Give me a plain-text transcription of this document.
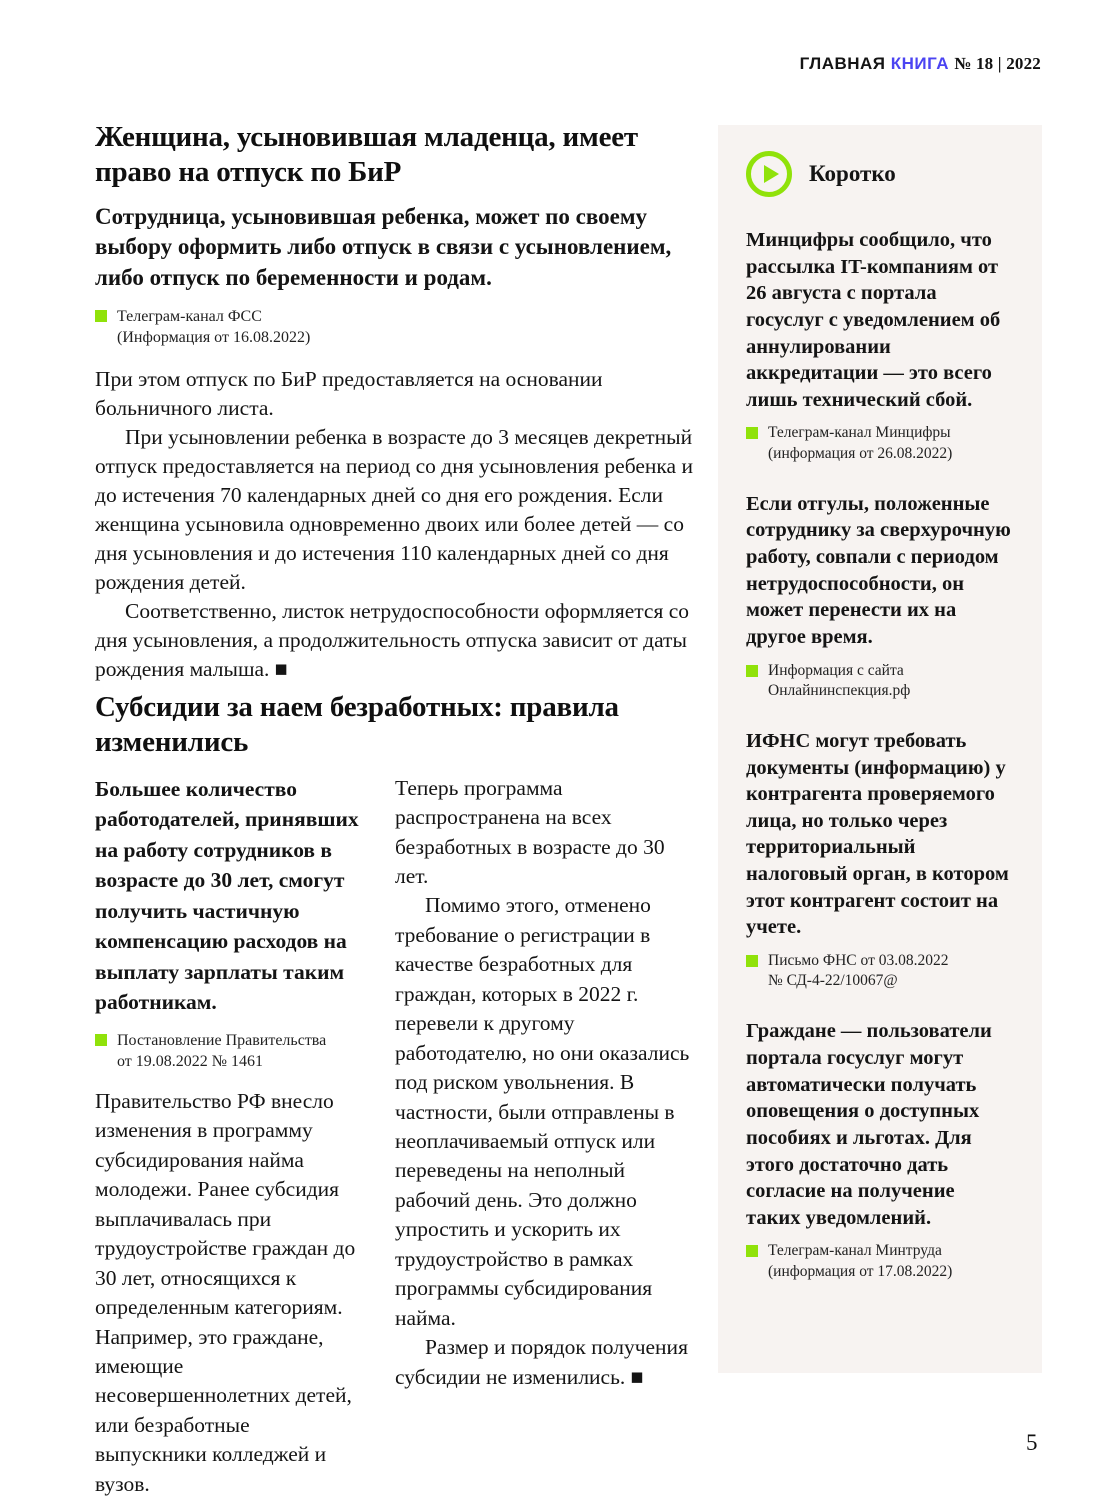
ГЛАВНАЯ КНИГА № 18 | 2022
Женщина, усыновившая младенца, имеет право на отпуск по БиР
Сотрудница, усыновившая ребенка, может по своему выбору оформить либо отпуск в связи с усыновлением, либо отпуск по беременности и родам.
Телеграм-канал ФСС
(Информация от 16.08.2022)

При этом отпуск по БиР предоставляется на основании больничного листа.

При усыновлении ребенка в возрасте до 3 месяцев декретный отпуск предоставляется на период со дня усыновления ребенка и до истечения 70 календарных дней со дня его рождения. Если женщина усыновила одновременно двоих или более детей — со дня усыновления и до истечения 110 календарных дней со дня рождения детей.

Соответственно, листок нетрудоспособности оформляется со дня усыновления, а продолжительность отпуска зависит от даты рождения малыша. ■

Субсидии за наем безработных: правила изменились
Большее количество работодателей, принявших на работу сотрудников в возрасте до 30 лет, смогут получить частичную компенсацию расходов на выплату зарплаты таким работникам.
Постановление Правительства
от 19.08.2022 № 1461

Правительство РФ внесло изменения в программу субсидирования найма молодежи. Ранее субсидия выплачивалась при трудоустройстве граждан до 30 лет, относящихся к определенным категориям. Например, это граждане, имеющие несовершеннолетних детей, или безработные выпускники колледжей и вузов.

Теперь программа распространена на всех безработных в возрасте до 30 лет.

Помимо этого, отменено требование о регистрации в качестве безработных для граждан, которых в 2022 г. перевели к другому работодателю, но они оказались под риском увольнения. В частности, были отправлены в неоплачиваемый отпуск или переведены на неполный рабочий день. Это должно упростить и ускорить их трудоустройство в рамках программы субсидирования найма.

Размер и порядок получения субсидии не изменились. ■

Коротко
Минцифры сообщило, что рассылка IT-компаниям от 26 августа с портала госуслуг с уведомлением об аннулировании аккредитации — это всего лишь технический сбой.
Телеграм-канал Минцифры
(информация от 26.08.2022)
Если отгулы, положенные сотруднику за сверхурочную работу, совпали с периодом нетрудоспособности, он может перенести их на другое время.
Информация с сайта
Онлайнинспекция.рф
ИФНС могут требовать документы (информацию) у контрагента проверяемого лица, но только через территориальный налоговый орган, в котором этот контрагент состоит на учете.
Письмо ФНС от 03.08.2022
№ СД-4-22/10067@
Граждане — пользователи портала госуслуг могут автоматически получать оповещения о доступных пособиях и льготах. Для этого достаточно дать согласие на получение таких уведомлений.
Телеграм-канал Минтруда
(информация от 17.08.2022)
5
